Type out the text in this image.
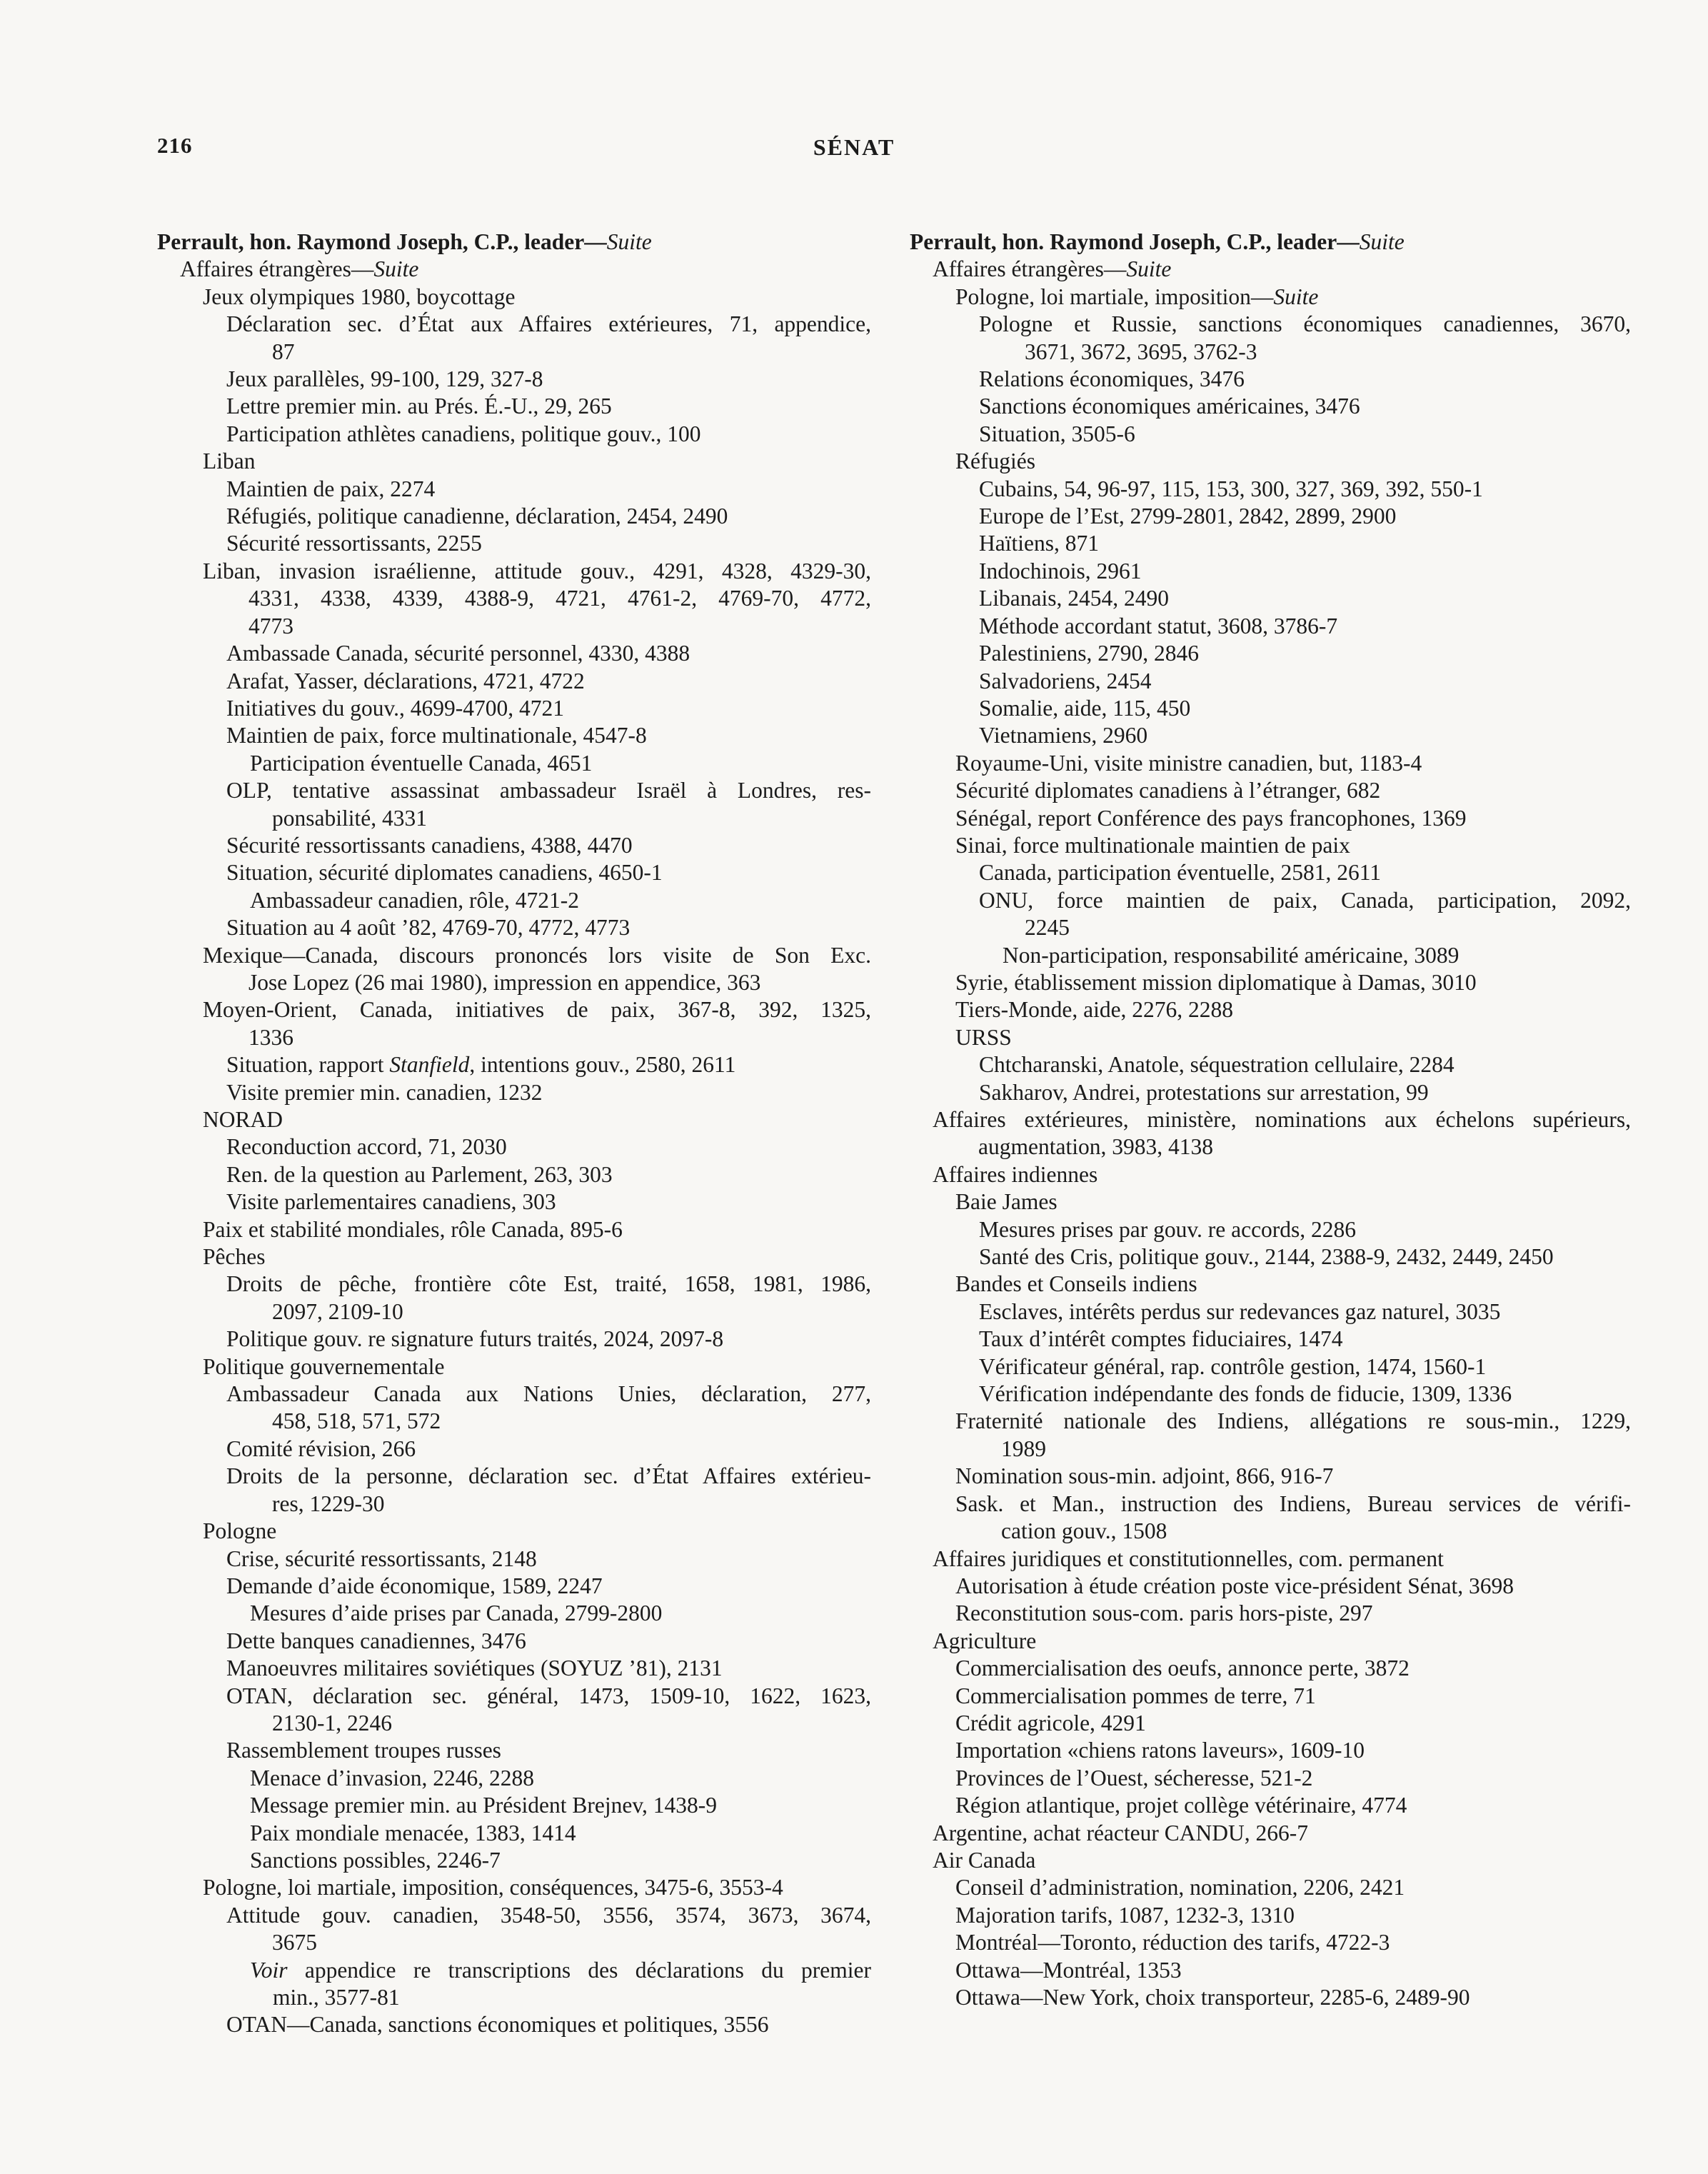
216	SÉNAT
Perrault, hon. Raymond Joseph, C.P., leader—Suite
Affaires étrangères—Suite
Jeux olympiques 1980, boycottage
Déclaration sec. d’État aux Affaires extérieures, 71, appendice,
87
Jeux parallèles, 99-100, 129, 327-8
Lettre premier min. au Prés. É.-U., 29, 265
Participation athlètes canadiens, politique gouv., 100
Liban
Maintien de paix, 2274
Réfugiés, politique canadienne, déclaration, 2454, 2490
Sécurité ressortissants, 2255
Liban, invasion israélienne, attitude gouv., 4291, 4328, 4329-30,
4331, 4338, 4339, 4388-9, 4721, 4761-2, 4769-70, 4772,
4773
Ambassade Canada, sécurité personnel, 4330, 4388
Arafat, Yasser, déclarations, 4721, 4722
Initiatives du gouv., 4699-4700, 4721
Maintien de paix, force multinationale, 4547-8
Participation éventuelle Canada, 4651
OLP, tentative assassinat ambassadeur Israël à Londres, res-
ponsabilité, 4331
Sécurité ressortissants canadiens, 4388, 4470
Situation, sécurité diplomates canadiens, 4650-1
Ambassadeur canadien, rôle, 4721-2
Situation au 4 août ’82, 4769-70, 4772, 4773
Mexique—Canada, discours prononcés lors visite de Son Exc.
Jose Lopez (26 mai 1980), impression en appendice, 363
Moyen-Orient, Canada, initiatives de paix, 367-8, 392, 1325,
1336
Situation, rapport Stanfield, intentions gouv., 2580, 2611
Visite premier min. canadien, 1232
NORAD
Reconduction accord, 71, 2030
Ren. de la question au Parlement, 263, 303
Visite parlementaires canadiens, 303
Paix et stabilité mondiales, rôle Canada, 895-6
Pêches
Droits de pêche, frontière côte Est, traité, 1658, 1981, 1986,
2097, 2109-10
Politique gouv. re signature futurs traités, 2024, 2097-8
Politique gouvernementale
Ambassadeur Canada aux Nations Unies, déclaration, 277,
458, 518, 571, 572
Comité révision, 266
Droits de la personne, déclaration sec. d’État Affaires extérieu-
res, 1229-30
Pologne
Crise, sécurité ressortissants, 2148
Demande d’aide économique, 1589, 2247
Mesures d’aide prises par Canada, 2799-2800
Dette banques canadiennes, 3476
Manoeuvres militaires soviétiques (SOYUZ ’81), 2131
OTAN, déclaration sec. général, 1473, 1509-10, 1622, 1623,
2130-1, 2246
Rassemblement troupes russes
Menace d’invasion, 2246, 2288
Message premier min. au Président Brejnev, 1438-9
Paix mondiale menacée, 1383, 1414
Sanctions possibles, 2246-7
Pologne, loi martiale, imposition, conséquences, 3475-6, 3553-4
Attitude gouv. canadien, 3548-50, 3556, 3574, 3673, 3674,
3675
Voir appendice re transcriptions des déclarations du premier
min., 3577-81
OTAN—Canada, sanctions économiques et politiques, 3556
Perrault, hon. Raymond Joseph, C.P., leader—Suite
Affaires étrangères—Suite
Pologne, loi martiale, imposition—Suite
Pologne et Russie, sanctions économiques canadiennes, 3670,
3671, 3672, 3695, 3762-3
Relations économiques, 3476
Sanctions économiques américaines, 3476
Situation, 3505-6
Réfugiés
Cubains, 54, 96-97, 115, 153, 300, 327, 369, 392, 550-1
Europe de l’Est, 2799-2801, 2842, 2899, 2900
Haïtiens, 871
Indochinois, 2961
Libanais, 2454, 2490
Méthode accordant statut, 3608, 3786-7
Palestiniens, 2790, 2846
Salvadoriens, 2454
Somalie, aide, 115, 450
Vietnamiens, 2960
Royaume-Uni, visite ministre canadien, but, 1183-4
Sécurité diplomates canadiens à l’étranger, 682
Sénégal, report Conférence des pays francophones, 1369
Sinai, force multinationale maintien de paix
Canada, participation éventuelle, 2581, 2611
ONU, force maintien de paix, Canada, participation, 2092,
2245
Non-participation, responsabilité américaine, 3089
Syrie, établissement mission diplomatique à Damas, 3010
Tiers-Monde, aide, 2276, 2288
URSS
Chtcharanski, Anatole, séquestration cellulaire, 2284
Sakharov, Andrei, protestations sur arrestation, 99
Affaires extérieures, ministère, nominations aux échelons supérieurs,
augmentation, 3983, 4138
Affaires indiennes
Baie James
Mesures prises par gouv. re accords, 2286
Santé des Cris, politique gouv., 2144, 2388-9, 2432, 2449, 2450
Bandes et Conseils indiens
Esclaves, intérêts perdus sur redevances gaz naturel, 3035
Taux d’intérêt comptes fiduciaires, 1474
Vérificateur général, rap. contrôle gestion, 1474, 1560-1
Vérification indépendante des fonds de fiducie, 1309, 1336
Fraternité nationale des Indiens, allégations re sous-min., 1229,
1989
Nomination sous-min. adjoint, 866, 916-7
Sask. et Man., instruction des Indiens, Bureau services de vérifi-
cation gouv., 1508
Affaires juridiques et constitutionnelles, com. permanent
Autorisation à étude création poste vice-président Sénat, 3698
Reconstitution sous-com. paris hors-piste, 297
Agriculture
Commercialisation des oeufs, annonce perte, 3872
Commercialisation pommes de terre, 71
Crédit agricole, 4291
Importation «chiens ratons laveurs», 1609-10
Provinces de l’Ouest, sécheresse, 521-2
Région atlantique, projet collège vétérinaire, 4774
Argentine, achat réacteur CANDU, 266-7
Air Canada
Conseil d’administration, nomination, 2206, 2421
Majoration tarifs, 1087, 1232-3, 1310
Montréal—Toronto, réduction des tarifs, 4722-3
Ottawa—Montréal, 1353
Ottawa—New York, choix transporteur, 2285-6, 2489-90
